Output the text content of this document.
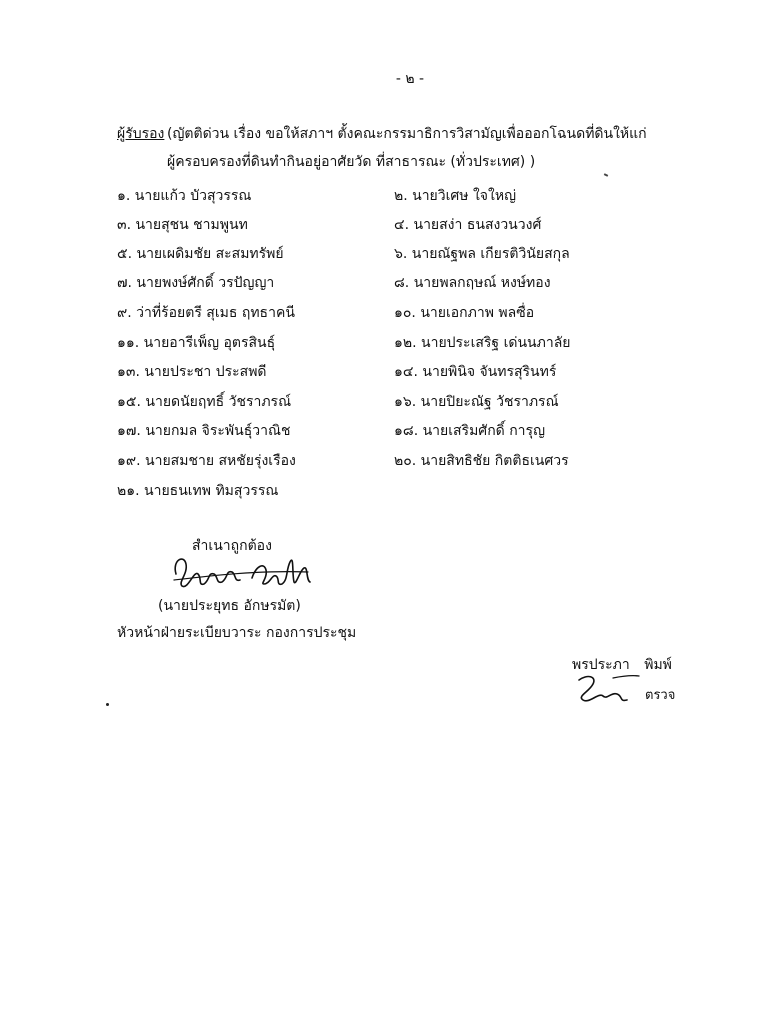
- ๒ -
ผู้รับรอง (ญัตติด่วน เรื่อง ขอให้สภาฯ ตั้งคณะกรรมาธิการวิสามัญเพื่อออกโฉนดที่ดินให้แก่
ผู้ครอบครองที่ดินทำกินอยู่อาศัยวัด ที่สาธารณะ (ทั่วประเทศ) )
๑. นายแก้ว บัวสุวรรณ
๓. นายสุชน ชามพูนท
๕. นายเผดิมชัย สะสมทรัพย์
๗. นายพงษ์ศักดิ์ วรปัญญา
๙. ว่าที่ร้อยตรี สุเมธ ฤทธาคนี
๑๑. นายอารีเพ็ญ อุตรสินธุ์
๑๓. นายประชา ประสพดี
๑๕. นายดนัยฤทธิ์ วัชราภรณ์
๑๗. นายกมล จิระพันธุ์วาณิช
๑๙. นายสมชาย สหชัยรุ่งเรือง
๒๑. นายธนเทพ ทิมสุวรรณ
๒. นายวิเศษ ใจใหญ่
๔. นายสง่า ธนสงวนวงศ์
๖. นายณัฐพล เกียรติวินัยสกุล
๘. นายพลกฤษณ์ หงษ์ทอง
๑๐. นายเอกภาพ พลซื่อ
๑๒. นายประเสริฐ เด่นนภาลัย
๑๔. นายพินิจ จันทรสุรินทร์
๑๖. นายปิยะณัฐ วัชราภรณ์
๑๘. นายเสริมศักดิ์ การุญ
๒๐. นายสิทธิชัย กิตติธเนศวร
สำเนาถูกต้อง
(นายประยุทธ อักษรมัต)
หัวหน้าฝ่ายระเบียบวาระ กองการประชุม
พรประภา พิมพ์
ตรวจ
